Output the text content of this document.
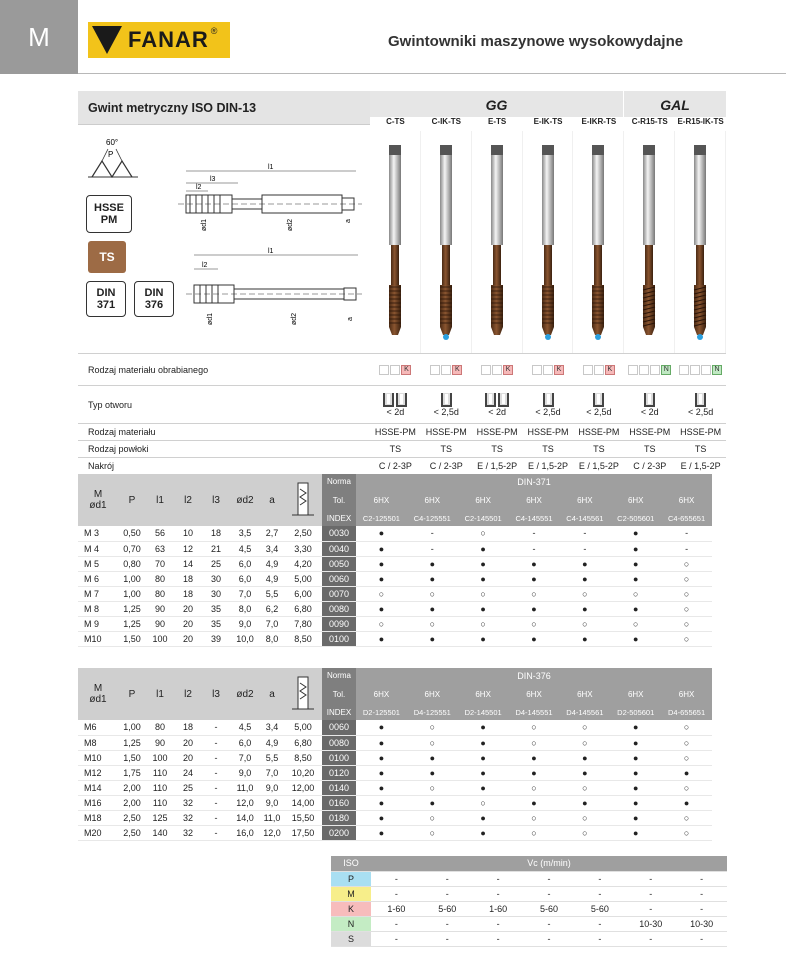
M	FANAR ®
Gwintowniki maszynowe wysokowydajne
Gwint metryczny ISO DIN-13	GG	GAL
C-TS	C-IK-TS	E-TS	E-IK-TS	E-IKR-TS	C-R15-TS	E-R15-IK-TS
60°
P
l1
l3
l2
ød1	ød2	a
l1
l2
ød1	ød2	a
HSSE
PM
TS
DIN
371
DIN
376
Rodzaj materiału obrabianego	K	K	K	K	K	N	N
Typ otworu
< 2d	< 2,5d	< 2d	< 2,5d	< 2,5d	< 2d	< 2,5d
Rodzaj materiału	HSSE-PM	HSSE-PM	HSSE-PM	HSSE-PM	HSSE-PM	HSSE-PM	HSSE-PM
Rodzaj powłoki	TS	TS	TS	TS	TS	TS	TS
Nakrój	C / 2-3P	C / 2-3P	E / 1,5-2P	E / 1,5-2P	E / 1,5-2P	C / 2-3P	E / 1,5-2P
M
ød1	P	l1	l2	l3	ød2	a		Norma	DIN-371						
								Tol.	6HX	6HX	6HX	6HX	6HX	6HX	6HX
								INDEX	C2-125501	C4-125551	C2-145501	C4-145551	C4-145561	C2-505601	C4-655651
M 3	0,50	56	10	18	3,5	2,7	2,50	0030	●	-	○	-	-	●	-
M 4	0,70	63	12	21	4,5	3,4	3,30	0040	●	-	●	-	-	●	-
M 5	0,80	70	14	25	6,0	4,9	4,20	0050	●	●	●	●	●	●	○
M 6	1,00	80	18	30	6,0	4,9	5,00	0060	●	●	●	●	●	●	○
M 7	1,00	80	18	30	7,0	5,5	6,00	0070	○	○	○	○	○	○	○
M 8	1,25	90	20	35	8,0	6,2	6,80	0080	●	●	●	●	●	●	○
M 9	1,25	90	20	35	9,0	7,0	7,80	0090	○	○	○	○	○	○	○
M10	1,50	100	20	39	10,0	8,0	8,50	0100	●	●	●	●	●	●	○
M
ød1	P	l1	l2	l3	ød2	a		Norma	DIN-376						
								Tol.	6HX	6HX	6HX	6HX	6HX	6HX	6HX
								INDEX	D2-125501	D4-125551	D2-145501	D4-145551	D4-145561	D2-505601	D4-655651
M6	1,00	80	18	-	4,5	3,4	5,00	0060	●	○	●	○	○	●	○
M8	1,25	90	20	-	6,0	4,9	6,80	0080	●	○	●	○	○	●	○
M10	1,50	100	20	-	7,0	5,5	8,50	0100	●	●	●	●	●	●	○
M12	1,75	110	24	-	9,0	7,0	10,20	0120	●	●	●	●	●	●	●
M14	2,00	110	25	-	11,0	9,0	12,00	0140	●	○	●	○	○	●	○
M16	2,00	110	32	-	12,0	9,0	14,00	0160	●	●	○	●	●	●	●
M18	2,50	125	32	-	14,0	11,0	15,50	0180	●	○	●	○	○	●	○
M20	2,50	140	32	-	16,0	12,0	17,50	0200	●	○	●	○	○	●	○
ISO	Vc (m/min)						
P	-	-	-	-	-	-	-
M	-	-	-	-	-	-	-
K	1-60	5-60	1-60	5-60	5-60	-	-
N	-	-	-	-	-	10-30	10-30
S	-	-	-	-	-	-	-
